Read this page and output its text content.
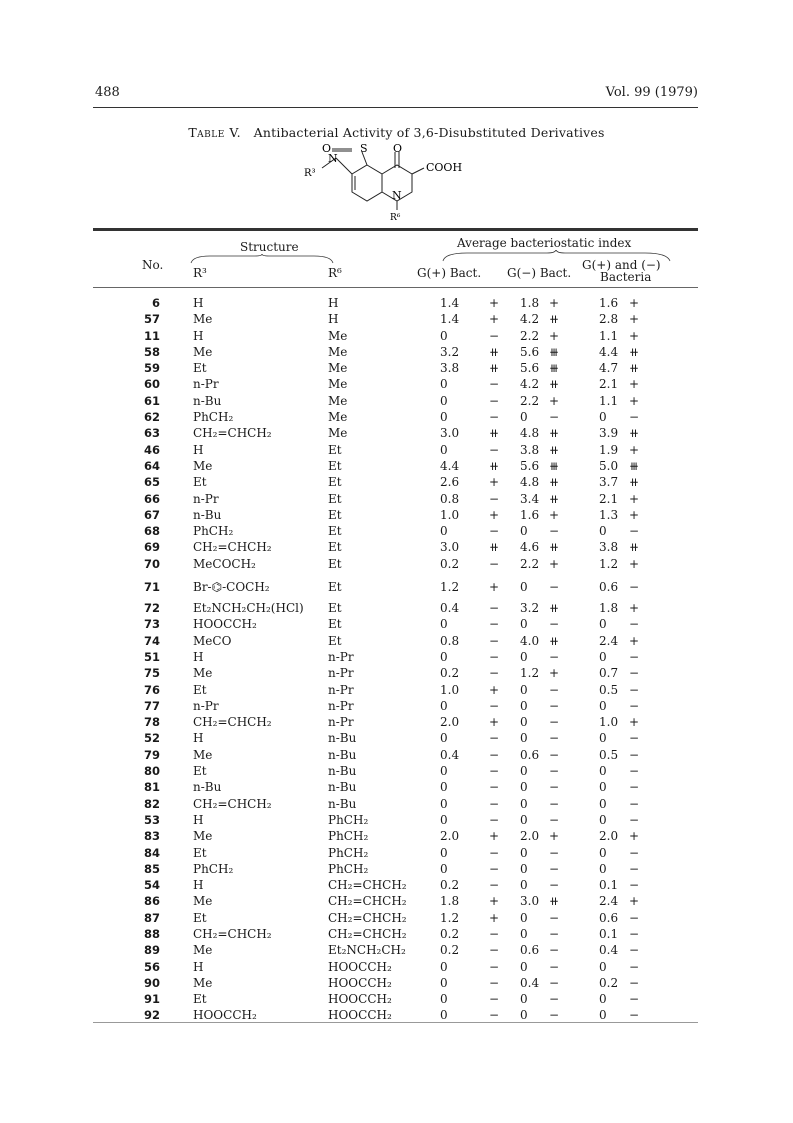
488	Vol. 99 (1979)
Table V. Antibacterial Activity of 3,6-Disubstituted Derivatives
O	S O
N
R³	COOH
N
R⁶
No.
Structure
R³	R⁶
Average bacteriostatic index
G(+) Bact. G(−) Bact.
G(+) and (−)
Bacteria
6	H	H	1.4	+	1.8 +	1.6 +
57	Me	H	1.4	+	4.2 ⧺	2.8 +
11	H	Me	0	−	2.2 +	1.1 +
58	Me	Me	3.2	⧺	5.6 ⧻	4.4 ⧺
59	Et	Me	3.8	⧺	5.6 ⧻	4.7 ⧺
60	n-Pr	Me	0	−	4.2 ⧺	2.1 +
61	n-Bu	Me	0	−	2.2 +	1.1 +
62	PhCH₂	Me	0	−	0	−	0	−
63	CH₂=CHCH₂	Me	3.0	⧺	4.8 ⧺	3.9 ⧺
46	H	Et	0	−	3.8 ⧺	1.9 +
64	Me	Et	4.4	⧺	5.6 ⧻	5.0 ⧻
65	Et	Et	2.6	+	4.8 ⧺	3.7 ⧺
66	n-Pr	Et	0.8	−	3.4 ⧺	2.1 +
67	n-Bu	Et	1.0	+	1.6 +	1.3 +
68	PhCH₂	Et	0	−	0	−	0	−
69	CH₂=CHCH₂	Et	3.0	⧺	4.6 ⧺	3.8 ⧺
70	MeCOCH₂	Et	0.2	−	2.2 +	1.2 +
71	Br-⌬-COCH₂	Et	1.2	+	0	−	0.6 −
72	Et₂NCH₂CH₂(HCl) Et	0.4	−	3.2 ⧺	1.8 +
73	HOOCCH₂	Et	0	−	0	−	0	−
74	MeCO	Et	0.8	−	4.0 ⧺	2.4 +
51	H	n-Pr	0	−	0	−	0	−
75	Me	n-Pr	0.2	−	1.2 +	0.7 −
76	Et	n-Pr	1.0	+	0	−	0.5 −
77	n-Pr	n-Pr	0	−	0	−	0	−
78	CH₂=CHCH₂	n-Pr	2.0	+	0	−	1.0 +
52	H	n-Bu	0	−	0	−	0	−
79	Me	n-Bu	0.4	−	0.6 −	0.5 −
80	Et	n-Bu	0	−	0	−	0	−
81	n-Bu	n-Bu	0	−	0	−	0	−
82	CH₂=CHCH₂	n-Bu	0	−	0	−	0	−
53	H	PhCH₂	0	−	0	−	0	−
83	Me	PhCH₂	2.0	+	2.0 +	2.0 +
84	Et	PhCH₂	0	−	0	−	0	−
85	PhCH₂	PhCH₂	0	−	0	−	0	−
54	H	CH₂=CHCH₂	0.2	−	0	−	0.1 −
86	Me	CH₂=CHCH₂	1.8	+	3.0 ⧺	2.4 +
87	Et	CH₂=CHCH₂	1.2	+	0	−	0.6 −
88	CH₂=CHCH₂	CH₂=CHCH₂	0.2	−	0	−	0.1 −
89	Me	Et₂NCH₂CH₂	0.2	−	0.6 −	0.4 −
56	H	HOOCCH₂	0	−	0	−	0	−
90	Me	HOOCCH₂	0	−	0.4 −	0.2 −
91	Et	HOOCCH₂	0	−	0	−	0	−
92	HOOCCH₂	HOOCCH₂	0	−	0	−	0	−
